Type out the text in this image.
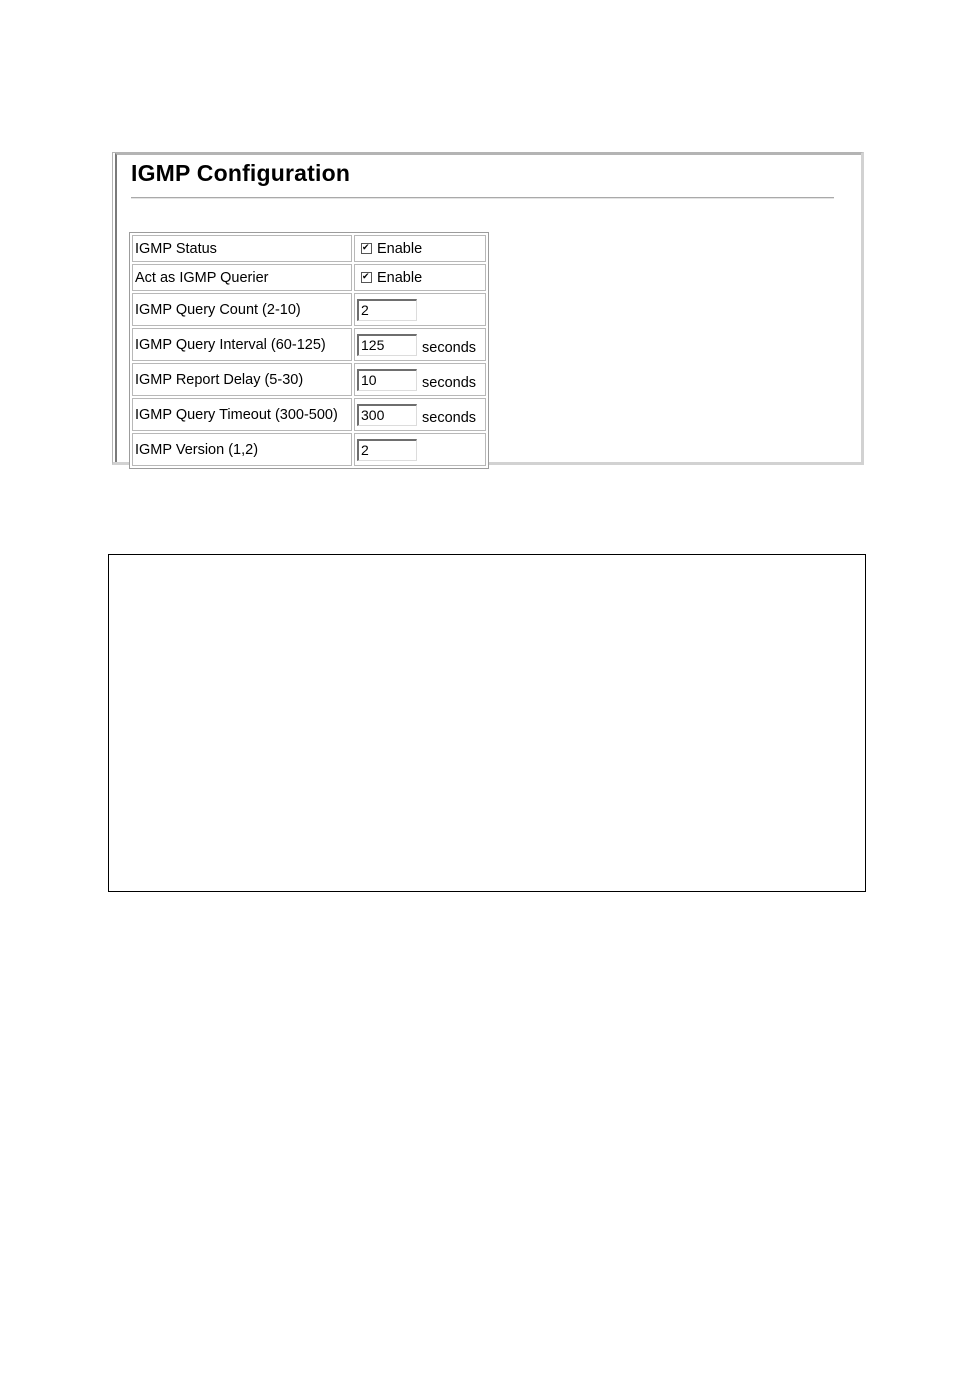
IGMP Configuration
IGMP Status	✔Enable
Act as IGMP Querier	✔Enable
IGMP Query Count (2-10)	2
IGMP Query Interval (60-125)	125 seconds
IGMP Report Delay (5-30)	10 seconds
IGMP Query Timeout (300-500)	300 seconds
IGMP Version (1,2)	2
